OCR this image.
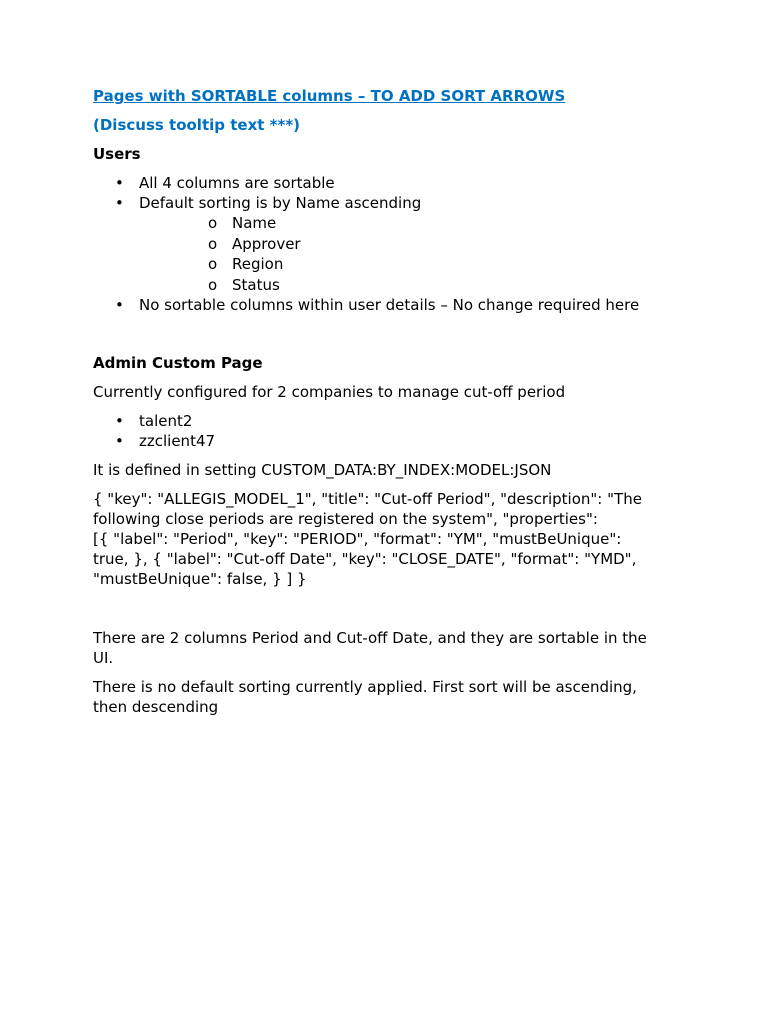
Pages with SORTABLE columns – TO ADD SORT ARROWS
(Discuss tooltip text ***)
Users
• All 4 columns are sortable
• Default sorting is by Name ascending
o Name
o Approver
o Region
o Status
• No sortable columns within user details – No change required here
Admin Custom Page
Currently configured for 2 companies to manage cut-off period
• talent2
• zzclient47
It is defined in setting CUSTOM_DATA:BY_INDEX:MODEL:JSON
{ "key": "ALLEGIS_MODEL_1", "title": "Cut-off Period", "description": "The
following close periods are registered on the system", "properties":
[{ "label": "Period", "key": "PERIOD", "format": "YM", "mustBeUnique":
true, }, { "label": "Cut-off Date", "key": "CLOSE_DATE", "format": "YMD",
"mustBeUnique": false, } ] }
There are 2 columns Period and Cut-off Date, and they are sortable in the
UI.
There is no default sorting currently applied. First sort will be ascending,
then descending
